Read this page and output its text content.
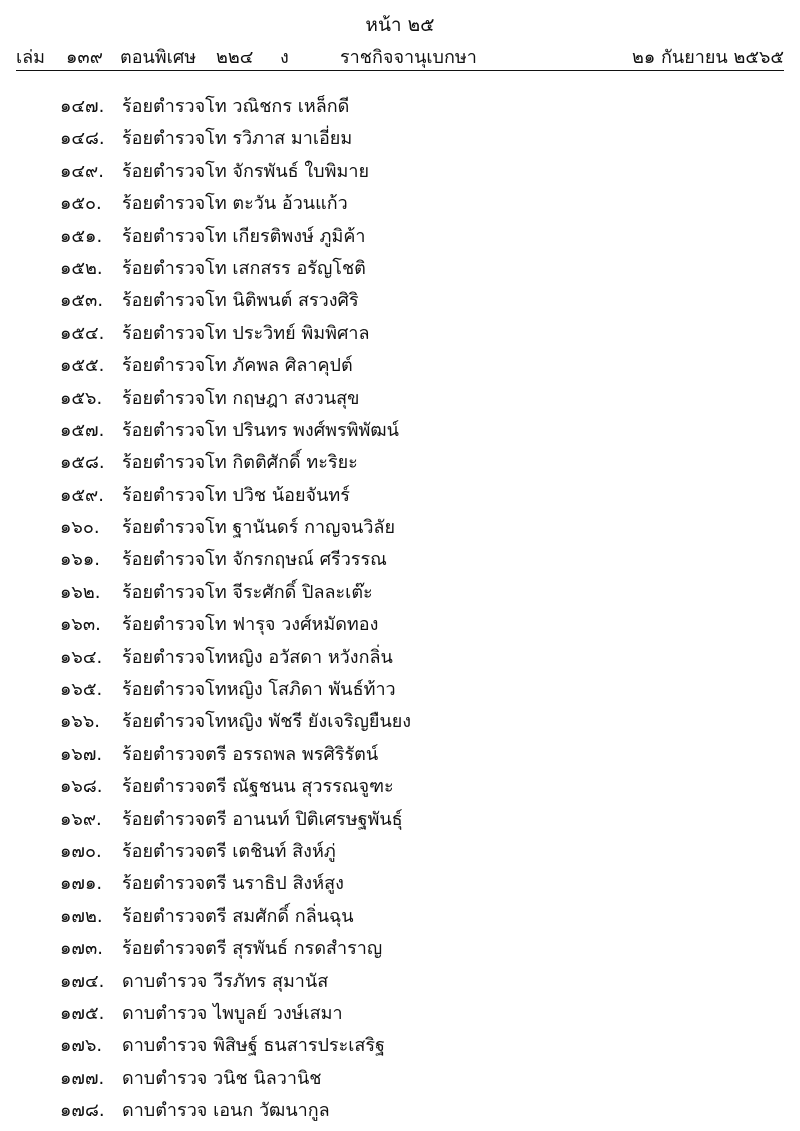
หน้า ๒๕
เล่ม ๑๓๙ ตอนพิเศษ ๒๒๔ ง	ราชกิจจานุเบกษา	๒๑ กันยายน ๒๕๖๕
๑๔๗. ร้อยตำรวจโท วณิชกร เหล็กดี
๑๔๘. ร้อยตำรวจโท รวิภาส มาเอี่ยม
๑๔๙.	ร้อยตำรวจโท จักรพันธ์ ใบพิมาย
๑๕๐.	ร้อยตำรวจโท ตะวัน อ้วนแก้ว
๑๕๑.	ร้อยตำรวจโท เกียรติพงษ์ ภูมิค้า
๑๕๒.	ร้อยตำรวจโท เสกสรร อรัญโชติ
๑๕๓.	ร้อยตำรวจโท นิติพนต์ สรวงศิริ
๑๕๔. ร้อยตำรวจโท ประวิทย์ พิมพิศาล
๑๕๕. ร้อยตำรวจโท ภัคพล ศิลาคุปต์
๑๕๖.	ร้อยตำรวจโท กฤษฎา สงวนสุข
๑๕๗. ร้อยตำรวจโท ปรินทร พงศ์พรพิพัฒน์
๑๕๘. ร้อยตำรวจโท กิตติศักดิ์ ทะริยะ
๑๕๙.	ร้อยตำรวจโท ปวิช น้อยจันทร์
๑๖๐.	ร้อยตำรวจโท ฐานันดร์ กาญจนวิลัย
๑๖๑.	ร้อยตำรวจโท จักรกฤษณ์ ศรีวรรณ
๑๖๒.	ร้อยตำรวจโท จีระศักดิ์ ปิลละเต๊ะ
๑๖๓.	ร้อยตำรวจโท ฟารุจ วงศ์หมัดทอง
๑๖๔.	ร้อยตำรวจโทหญิง อวัสดา หวังกลิ่น
๑๖๕.	ร้อยตำรวจโทหญิง โสภิดา พันธ์ท้าว
๑๖๖.	ร้อยตำรวจโทหญิง พัชรี ยังเจริญยืนยง
๑๖๗.	ร้อยตำรวจตรี อรรถพล พรศิริรัตน์
๑๖๘.	ร้อยตำรวจตรี ณัฐชนน สุวรรณจูฑะ
๑๖๙.	ร้อยตำรวจตรี อานนท์ ปิติเศรษฐพันธุ์
๑๗๐.	ร้อยตำรวจตรี เตชินท์ สิงห์ภู่
๑๗๑.	ร้อยตำรวจตรี นราธิป สิงห์สูง
๑๗๒.	ร้อยตำรวจตรี สมศักดิ์ กลิ่นฉุน
๑๗๓.	ร้อยตำรวจตรี สุรพันธ์ กรดสำราญ
๑๗๔. ดาบตำรวจ วีรภัทร สุมานัส
๑๗๕. ดาบตำรวจ ไพบูลย์ วงษ์เสมา
๑๗๖.	ดาบตำรวจ พิสิษฐ์ ธนสารประเสริฐ
๑๗๗. ดาบตำรวจ วนิช นิลวานิช
๑๗๘. ดาบตำรวจ เอนก วัฒนากูล
